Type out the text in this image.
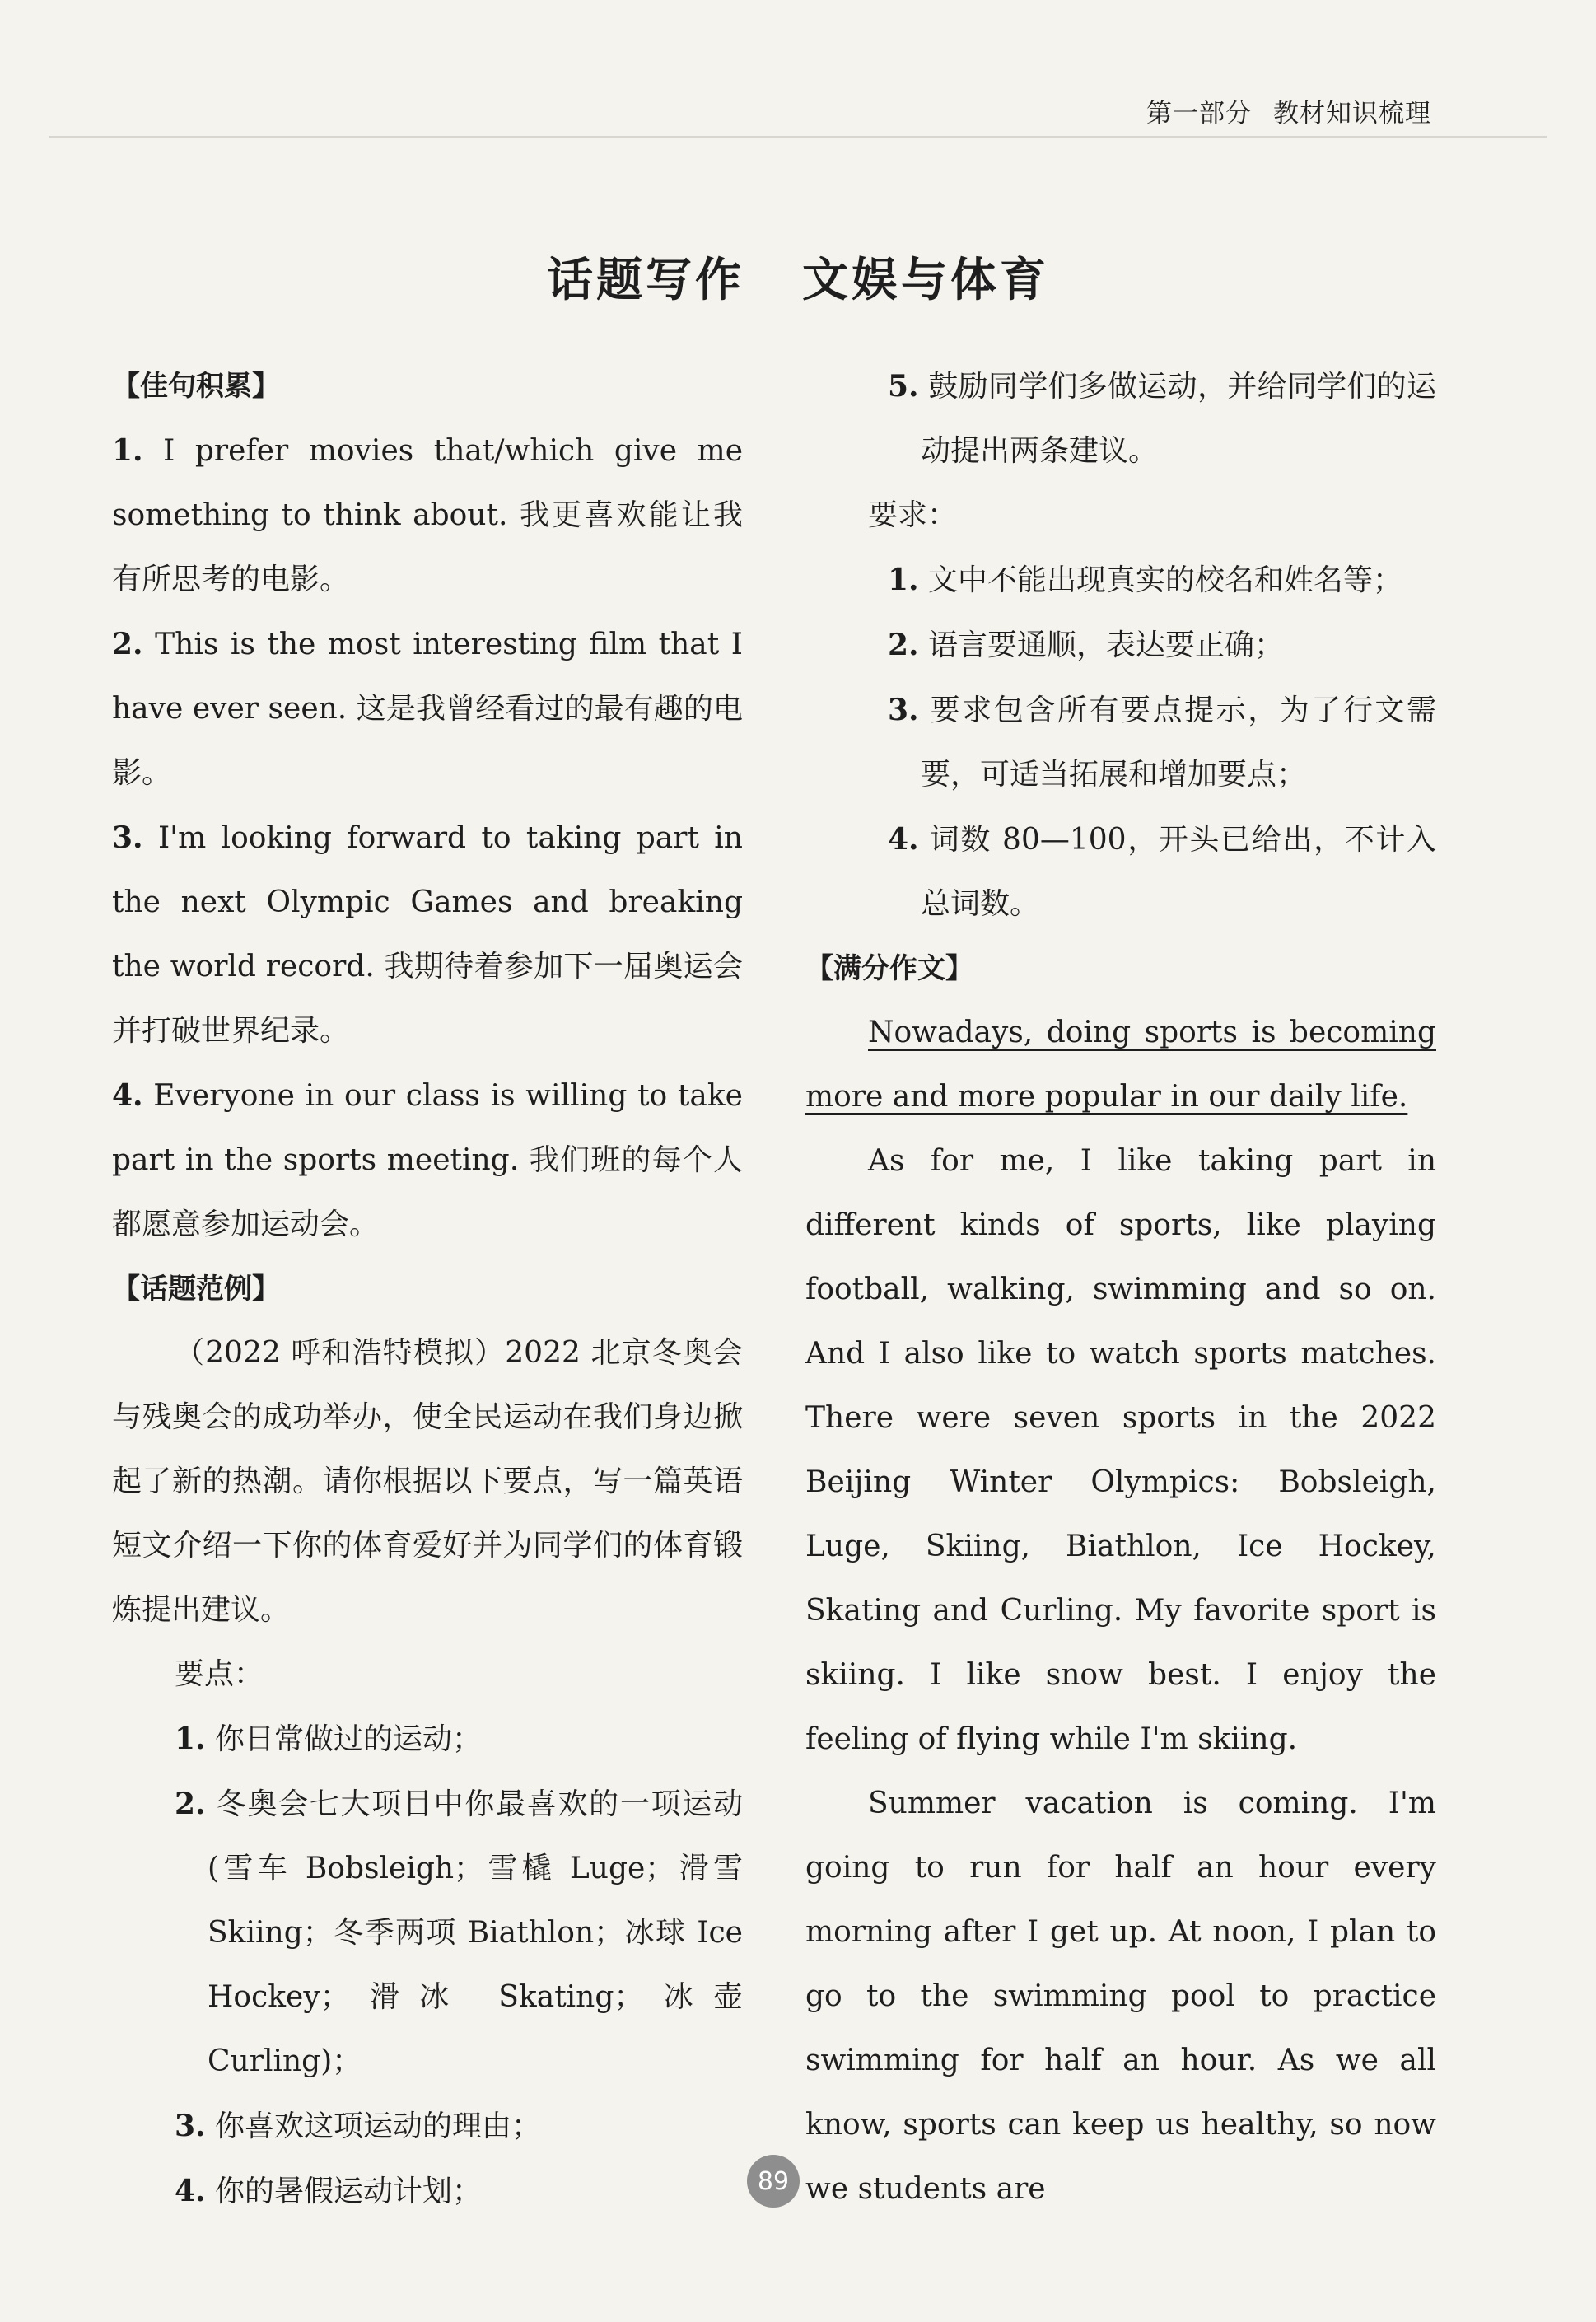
第一部分 教材知识梳理
话题写作 文娱与体育
【佳句积累】

1. I prefer movies that/which give me something to think about. 我更喜欢能让我有所思考的电影。

2. This is the most interesting film that I have ever seen. 这是我曾经看过的最有趣的电影。

3. I'm looking forward to taking part in the next Olympic Games and breaking the world record. 我期待着参加下一届奥运会并打破世界纪录。

4. Everyone in our class is willing to take part in the sports meeting. 我们班的每个人都愿意参加运动会。

【话题范例】

（2022 呼和浩特模拟）2022 北京冬奥会与残奥会的成功举办，使全民运动在我们身边掀起了新的热潮。请你根据以下要点，写一篇英语短文介绍一下你的体育爱好并为同学们的体育锻炼提出建议。

要点：

1. 你日常做过的运动；

2. 冬奥会七大项目中你最喜欢的一项运动(雪车 Bobsleigh；雪橇 Luge；滑雪 Skiing；冬季两项 Biathlon；冰球 Ice Hockey；滑冰 Skating；冰壶 Curling)；

3. 你喜欢这项运动的理由；

4. 你的暑假运动计划；

5. 鼓励同学们多做运动，并给同学们的运动提出两条建议。

要求：

1. 文中不能出现真实的校名和姓名等；

2. 语言要通顺，表达要正确；

3. 要求包含所有要点提示，为了行文需要，可适当拓展和增加要点；

4. 词数 80—100，开头已给出，不计入总词数。

【满分作文】

Nowadays, doing sports is becoming more and more popular in our daily life.

As for me, I like taking part in different kinds of sports, like playing football, walking, swimming and so on. And I also like to watch sports matches. There were seven sports in the 2022 Beijing Winter Olympics: Bobsleigh, Luge, Skiing, Biathlon, Ice Hockey, Skating and Curling. My favorite sport is skiing. I like snow best. I enjoy the feeling of flying while I'm skiing.

Summer vacation is coming. I'm going to run for half an hour every morning after I get up. At noon, I plan to go to the swimming pool to practice swimming for half an hour. As we all know, sports can keep us healthy, so now we students are

89
